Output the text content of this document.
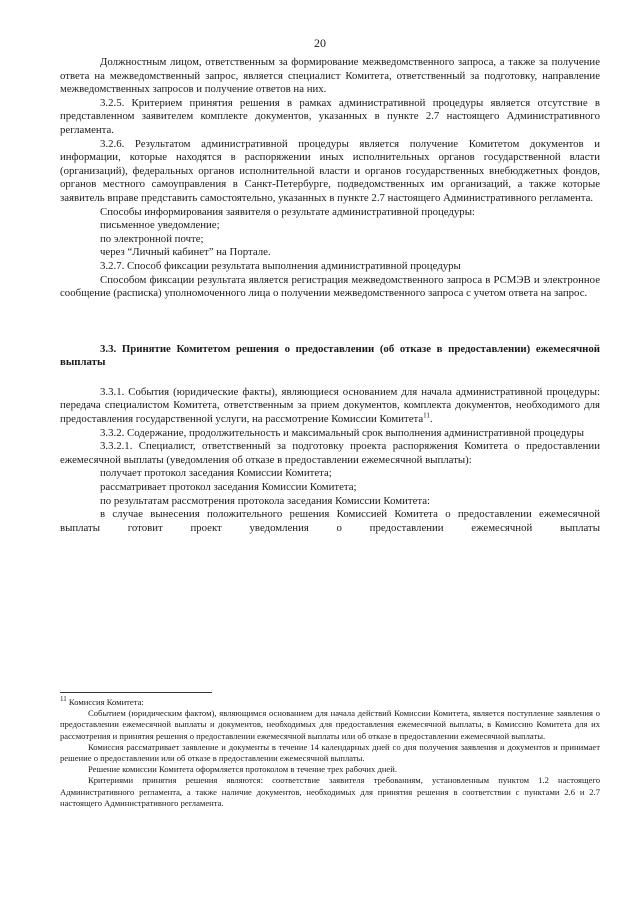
20

Должностным лицом, ответственным за формирование межведомственного запроса, а также за получение ответа на межведомственный запрос, является специалист Комитета, ответственный за подготовку, направление межведомственных запросов и получение ответов на них.

3.2.5. Критерием принятия решения в рамках административной процедуры является отсутствие в представленном заявителем комплекте документов, указанных в пункте 2.7 настоящего Административного регламента.

3.2.6. Результатом административной процедуры является получение Комитетом документов и информации, которые находятся в распоряжении иных исполнительных органов государственной власти (организаций), федеральных органов исполнительной власти и органов государственных внебюджетных фондов, органов местного самоуправления в Санкт-Петербурге, подведомственных им организаций, а также которые заявитель вправе представить самостоятельно, указанных в пункте 2.7 настоящего Административного регламента.

Способы информирования заявителя о результате административной процедуры:

письменное уведомление;

по электронной почте;

через “Личный кабинет” на Портале.

3.2.7. Способ фиксации результата выполнения административной процедуры

Способом фиксации результата является регистрация межведомственного запроса в РСМЭВ и электронное сообщение (расписка) уполномоченного лица о получении межведомственного запроса с учетом ответа на запрос.

3.3. Принятие Комитетом решения о предоставлении (об отказе в предоставлении) ежемесячной выплаты

3.3.1. События (юридические факты), являющиеся основанием для начала административной процедуры: передача специалистом Комитета, ответственным за прием документов, комплекта документов, необходимого для предоставления государственной услуги, на рассмотрение Комиссии Комитета$^{11}$.

3.3.2. Содержание, продолжительность и максимальный срок выполнения административной процедуры

3.3.2.1. Специалист, ответственный за подготовку проекта распоряжения Комитета о предоставлении ежемесячной выплаты (уведомления об отказе в предоставлении ежемесячной выплаты):

получает протокол заседания Комиссии Комитета;

рассматривает протокол заседания Комиссии Комитета;

по результатам рассмотрения протокола заседания Комиссии Комитета:

в случае вынесения положительного решения Комиссией Комитета о предоставлении ежемесячной выплаты готовит проект уведомления о предоставлении ежемесячной выплаты

$^{11}$ Комиссия Комитета:

Событием (юридическим фактом), являющимся основанием для начала действий Комиссии Комитета, является поступление заявления о предоставлении ежемесячной выплаты и документов, необходимых для предоставления ежемесячной выплаты, в Комиссию Комитета для их рассмотрения и принятия решения о предоставлении ежемесячной выплаты или об отказе в предоставлении ежемесячной выплаты.

Комиссия рассматривает заявление и документы в течение 14 календарных дней со дня получения заявления и документов и принимает решение о предоставлении или об отказе в предоставлении ежемесячной выплаты.

Решение комиссии Комитета оформляется протоколом в течение трех рабочих дней.

Критериями принятия решения являются: соответствие заявителя требованиям, установленным пунктом 1.2 настоящего Административного регламента, а также наличие документов, необходимых для принятия решения в соответствии с пунктами 2.6 и 2.7 настоящего Административного регламента.
